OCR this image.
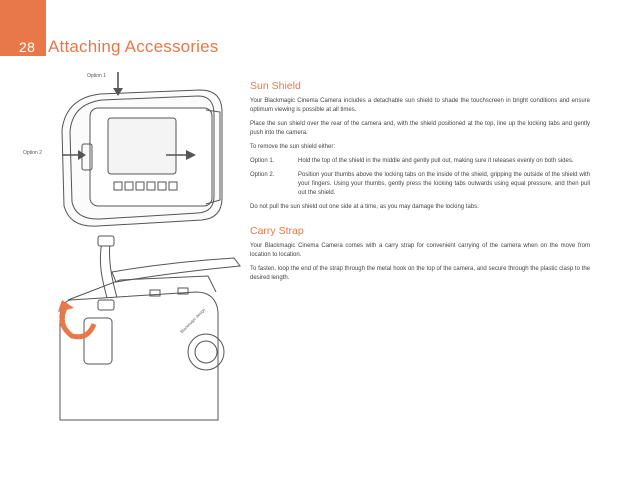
28 Attaching Accessories
Option 1
Option 2
Blackmagic design
Sun Shield

Your Blackmagic Cinema Camera includes a detachable sun shield to shade the touchscreen in bright conditions and ensure optimum viewing is possible at all times.

Place the sun shield over the rear of the camera and, with the shield positioned at the top, line up the locking tabs and gently push into the camera.

To remove the sun shield either:

Option 1.	Hold the top of the shield in the middle and gently pull out, making sure it releases evenly on both sides.
Option 2.	Position your thumbs above the locking tabs on the inside of the shield, gripping the outside of the shield with your fingers. Using your thumbs, gently press the locking tabs outwards using equal pressure, and then pull out the shield.

Do not pull the sun shield out one side at a time, as you may damage the locking tabs.

Carry Strap

Your Blackmagic Cinema Camera comes with a carry strap for convenient carrying of the camera when on the move from location to location.

To fasten, loop the end of the strap through the metal hook on the top of the camera, and secure through the plastic clasp to the desired length.
